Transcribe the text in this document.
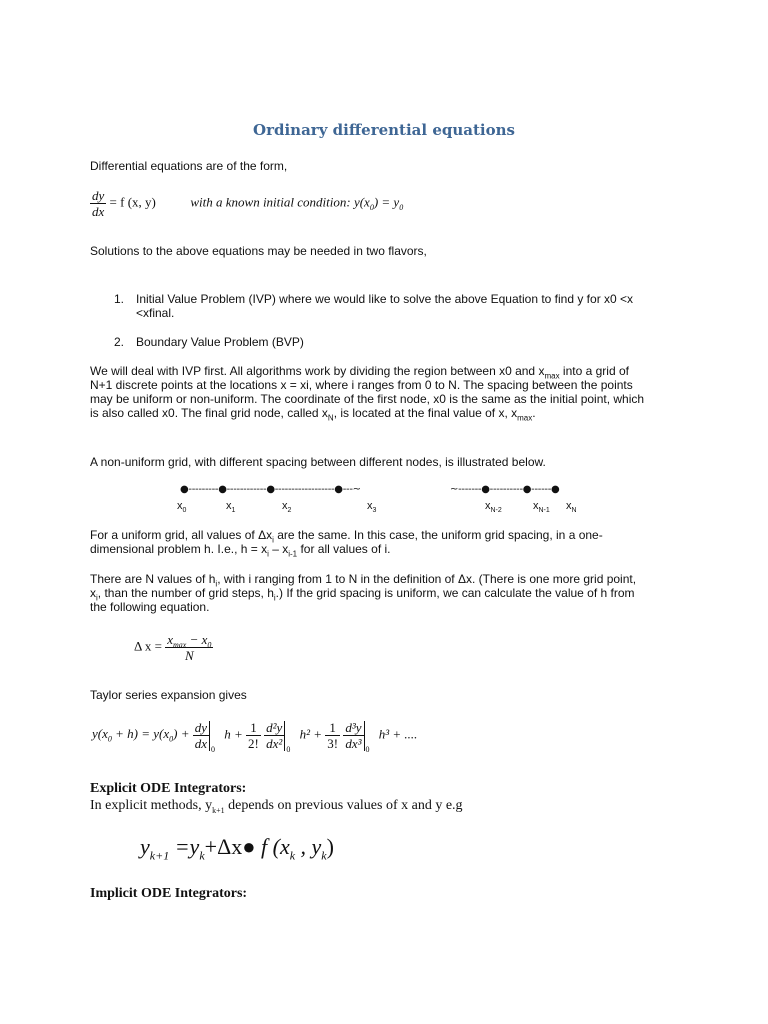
Ordinary differential equations

Differential equations are of the form,

$\frac{dy}{dx} = f$ (x, y)	with a known initial condition: $y(x_0) = y_0$

Solutions to the above equations may be needed in two flavors,

1. Initial Value Problem (IVP) where we would like to solve the above Equation to find y for x0 <x
<xfinal.
2. Boundary Value Problem (BVP)
We will deal with IVP first. All algorithms work by dividing the region between x0 and $x_{max}$ into a grid of
N+1 discrete points at the locations x = xi, where i ranges from 0 to N. The spacing between the points
may be uniform or non-uniform. The coordinate of the first node, x0 is the same as the initial point, which
is also called x0. The final grid node, called $x_N$, is located at the final value of x, $x_{max}$.

A non-uniform grid, with different spacing between different nodes, is illustrated below.

●---------●------------●------------------●---~	~-------●----------●------●
$x_0$	$x_1$	$x_2$	$x_3$	$x_{N-2}$	$x_{N-1}$ $x_N$
For a uniform grid, all values of $\Delta x_i$ are the same. In this case, the uniform grid spacing, in a one-
dimensional problem h. I.e., $h = x_i - x_{i-1}$ for all values of i.
There are N values of $h_i$, with i ranging from 1 to N in the definition of Δx. (There is one more grid point,
$x_i$, than the number of grid steps, $h_i$.) If the grid spacing is uniform, we can calculate the value of h from
the following equation.
Δ $x = \frac{x_{max} - x_0}{N}$

Taylor series expansion gives

$y(x_0 + h) = y(x_0) + \frac{dy}{dx} 0$ $h + \frac{1}{2!}$
$\frac{\text{d²y}}{\text{dx²}} 0$ $h^2 + \frac{1}{3!}$
$\frac{\text{d³y}}{\text{dx³}} 0$ h³ + ....
Explicit ODE Integrators:
In explicit methods, $y_{k+1}$ depends on previous values of x and y e.g
$y_{k+1}$ $=y_k+\Delta x●$ f ($x_k$ , $y_k$)
Implicit ODE Integrators:
